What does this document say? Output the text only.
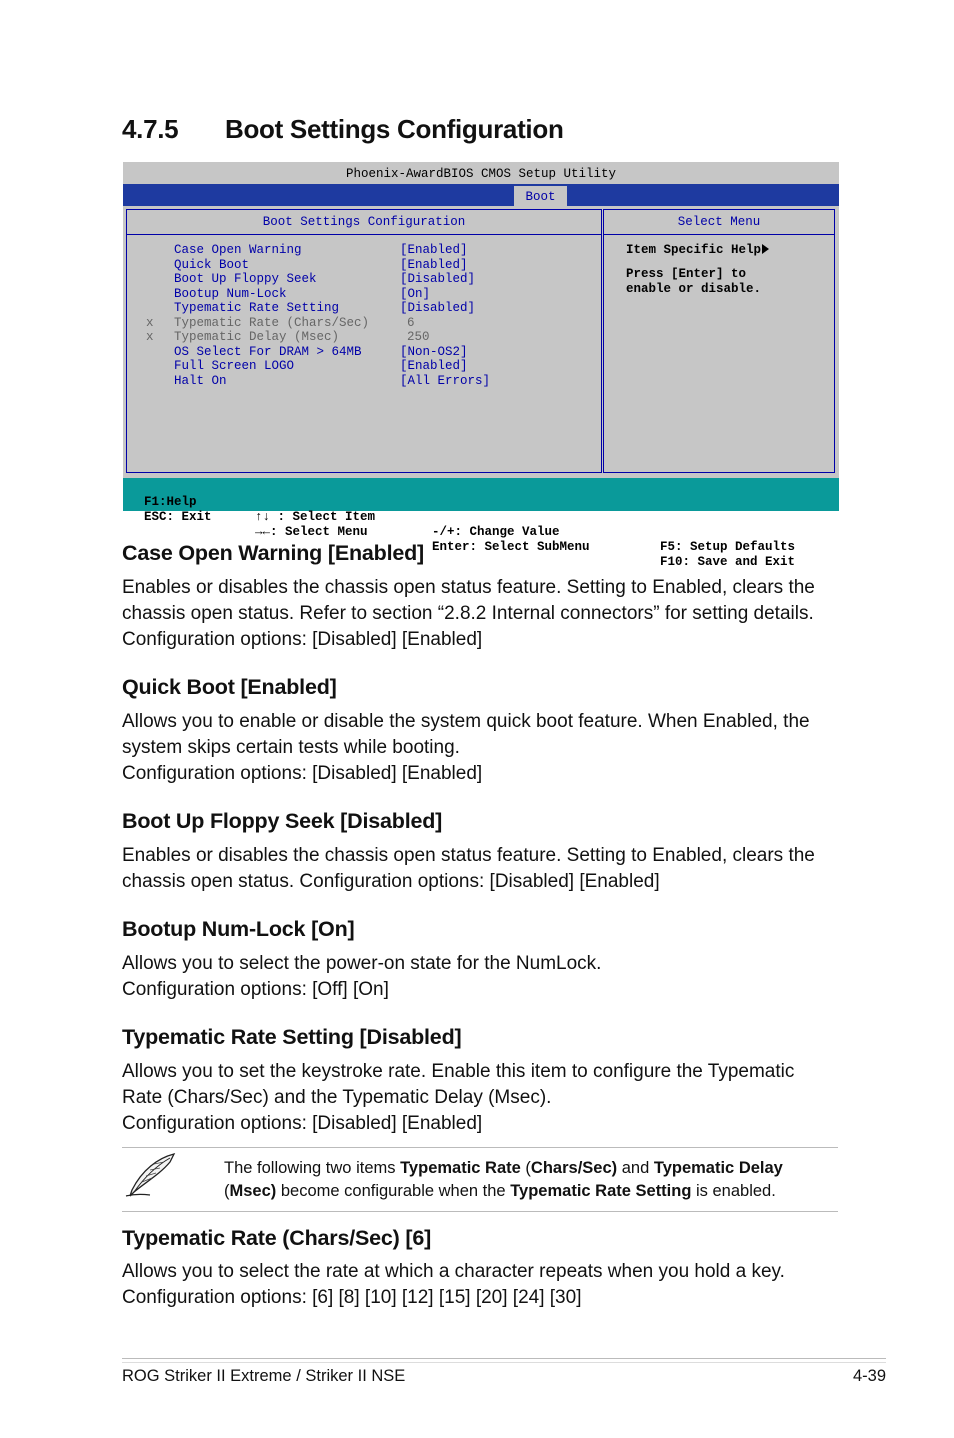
4.7.5 Boot Settings Configuration
Phoenix-AwardBIOS CMOS Setup Utility
Boot
Boot Settings Configuration
Case Open Warning	[Enabled]
Quick Boot	[Enabled]
Boot Up Floppy Seek	[Disabled]
Bootup Num-Lock	[On]
Typematic Rate Setting	[Disabled]
x Typematic Rate (Chars/Sec)	6
x Typematic Delay (Msec)	250
OS Select For DRAM > 64MB	[Non-OS2]
Full Screen LOGO	[Enabled]
Halt On	[All Errors]
Select Menu
Item Specific Help
Press [Enter] to
enable or disable.

F1:Help

↑↓ : Select Item

-/+: Change Value

F5: Setup Defaults

ESC: Exit

→←: Select Menu

Enter: Select SubMenu

F10: Save and Exit

Case Open Warning [Enabled]

Enables or disables the chassis open status feature. Setting to Enabled, clears the
chassis open status. Refer to section “2.8.2 Internal connectors” for setting details.
Configuration options: [Disabled] [Enabled]

Quick Boot [Enabled]

Allows you to enable or disable the system quick boot feature. When Enabled, the
system skips certain tests while booting.
Configuration options: [Disabled] [Enabled]

Boot Up Floppy Seek [Disabled]

Enables or disables the chassis open status feature. Setting to Enabled, clears the
chassis open status. Configuration options: [Disabled] [Enabled]

Bootup Num-Lock [On]

Allows you to select the power-on state for the NumLock.
Configuration options: [Off] [On]

Typematic Rate Setting [Disabled]

Allows you to set the keystroke rate. Enable this item to configure the Typematic
Rate (Chars/Sec) and the Typematic Delay (Msec).
Configuration options: [Disabled] [Enabled]

The following two items Typematic Rate (Chars/Sec) and Typematic Delay
(Msec) become configurable when the Typematic Rate Setting is enabled.

Typematic Rate (Chars/Sec) [6]

Allows you to select the rate at which a character repeats when you hold a key.
Configuration options: [6] [8] [10] [12] [15] [20] [24] [30]

ROG Striker II Extreme / Striker II NSE	4-39
